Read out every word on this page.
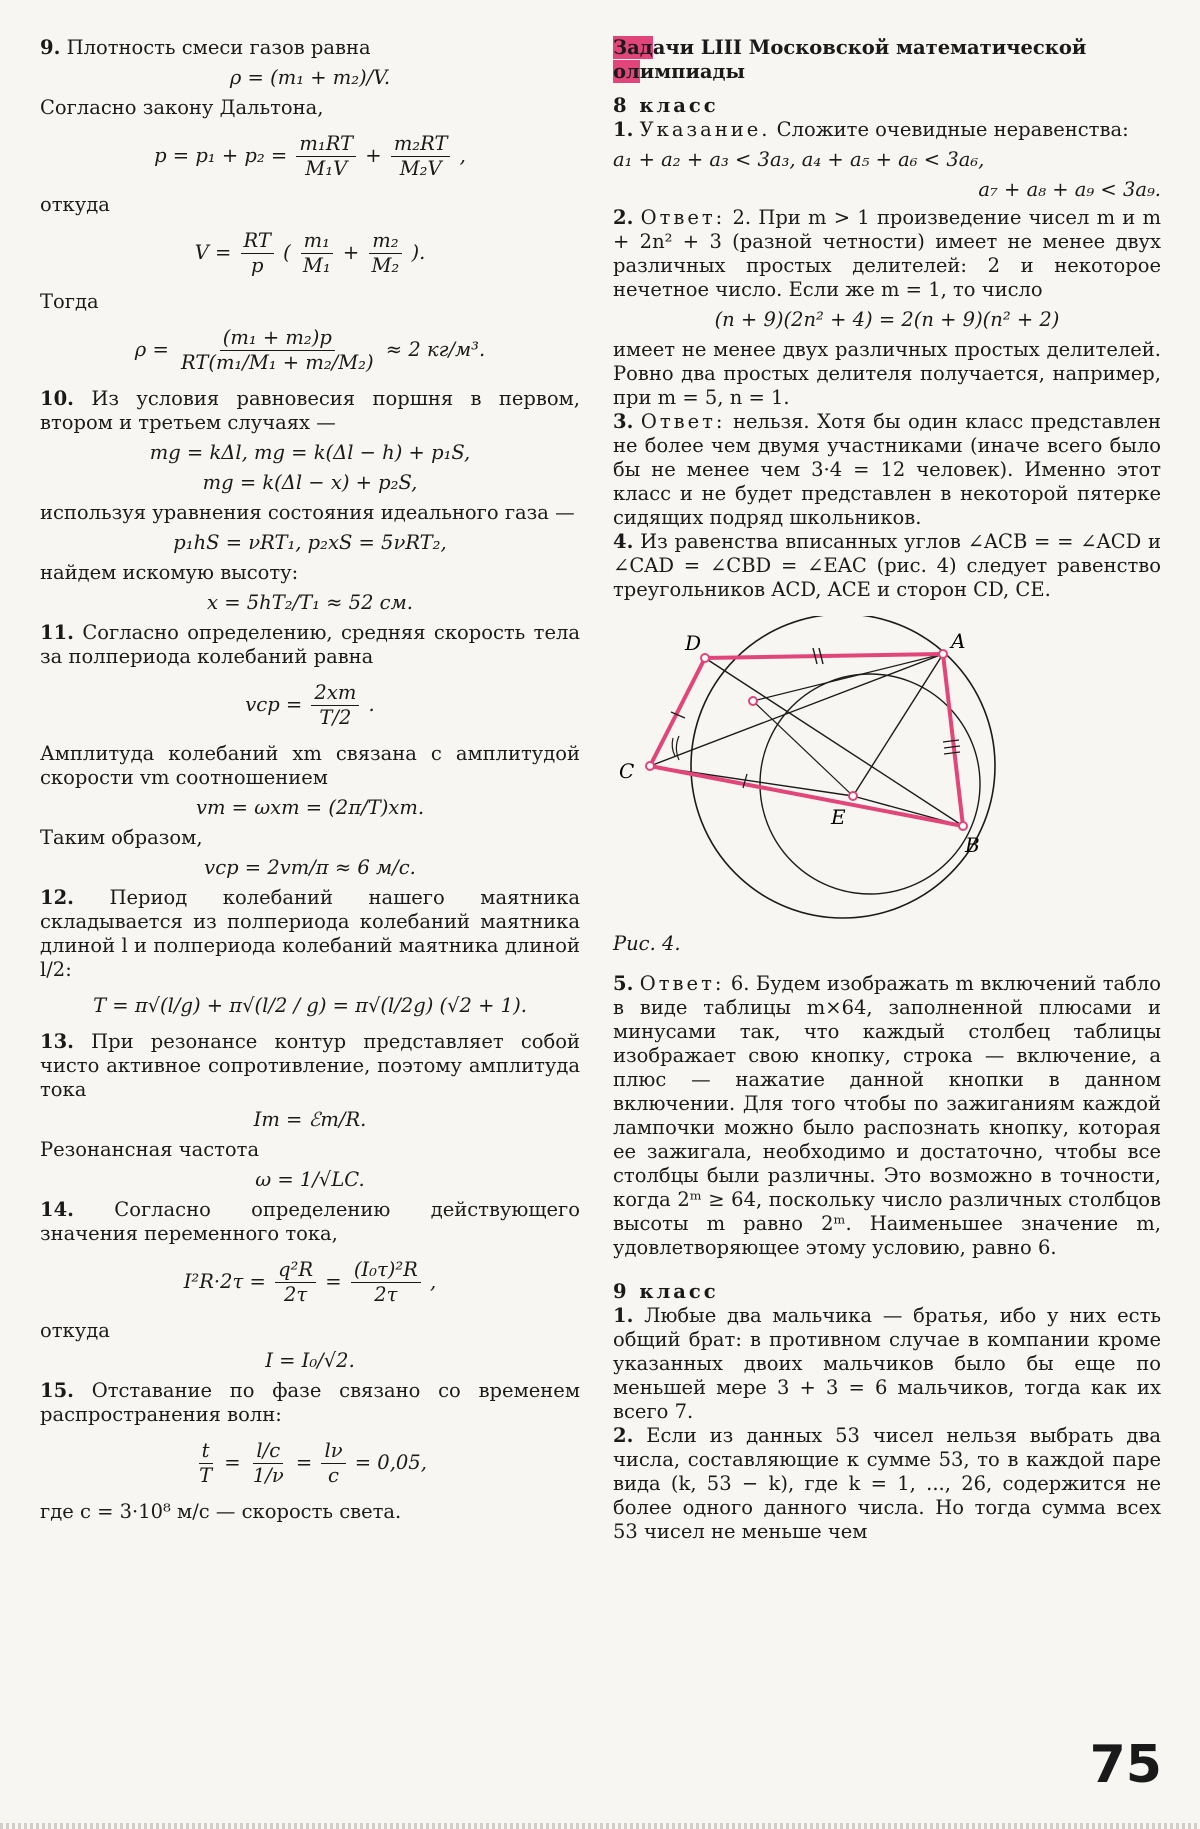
9. Плотность смеси газов равна

ρ = (m₁ + m₂)/V.

Согласно закону Дальтона,

$p = p_1 + p_2 = \frac{\text{m₁RT}}{\text{M₁V}} + \frac{\text{m₂RT}}{\text{M₂V}}$ ,

откуда

$V = \frac{RT}{p}$ ( $\frac{\text{m₁}}{\text{M₁}} + \frac{\text{m₂}}{\text{M₂}}$ ).

Тогда

$\rho = \frac{\text{(m₁ + m₂)p}}{\text{RT(m₁/M₁ + m₂/M₂)}} \approx 2$ кг/м³.

10. Из условия равновесия поршня в первом, втором и третьем случаях —

mg = kΔl, mg = k(Δl − h) + p₁S,
mg = k(Δl − x) + p₂S,

используя уравнения состояния идеального газа —

p₁hS = νRT₁, p₂xS = 5νRT₂,

найдем искомую высоту:

x = 5hT₂/T₁ ≈ 52 см.

11. Согласно определению, средняя скорость тела за полпериода колебаний равна

vср = $\frac{2xm}{T/2}$ .

Амплитуда колебаний xm связана с амплитудой скорости vm соотношением

vm = ωxm = (2π/T)xm.

Таким образом,

vср = 2vm/π ≈ 6 м/с.

12. Период колебаний нашего маятника складывается из полпериода колебаний маятника длиной l и полпериода колебаний маятника длиной l/2:

T = π√(l/g) + π√(l/2 / g) = π√(l/2g) (√2 + 1).

13. При резонансе контур представляет собой чисто активное сопротивление, поэтому амплитуда тока

Im = ℰm/R.

Резонансная частота

ω = 1/√LC.

14. Согласно определению действующего значения переменного тока,

$I^2R\cdot 2\tau = \frac{\text{q²R}}{2\tau} = \frac{\text{(I₀τ)²R}}{2\tau}$ ,

откуда

I = I₀/√2.

15. Отставание по фазе связано со временем распространения волн:

$\frac{t}{T} = \frac{l/c}{1/\nu} = \frac{l\nu}{c} = 0,05$,

где c = 3·10⁸ м/с — скорость света.

Задачи LIII Московской математической
олимпиады
8 класс

1. Указание. Сложите очевидные неравенства:

a₁ + a₂ + a₃ < 3a₃, a₄ + a₅ + a₆ < 3a₆,
a₇ + a₈ + a₉ < 3a₉.

2. Ответ: 2. При m > 1 произведение чисел m и m + 2n² + 3 (разной четности) имеет не менее двух различных простых делителей: 2 и некоторое нечетное число. Если же m = 1, то число

(n + 9)(2n² + 4) = 2(n + 9)(n² + 2)

имеет не менее двух различных простых делителей. Ровно два простых делителя получается, например, при m = 5, n = 1.

3. Ответ: нельзя. Хотя бы один класс представлен не более чем двумя участниками (иначе всего было бы не менее чем 3·4 = 12 человек). Именно этот класс и не будет представлен в некоторой пятерке сидящих подряд школьников.

4. Из равенства вписанных углов ∠ACB = = ∠ACD и ∠CAD = ∠CBD = ∠EAC (рис. 4) следует равенство треугольников ACD, ACE и сторон CD, CE.

D	A
B
C
E
Рис. 4.

5. Ответ: 6. Будем изображать m включений табло в виде таблицы m×64, заполненной плюсами и минусами так, что каждый столбец таблицы изображает свою кнопку, строка — включение, а плюс — нажатие данной кнопки в данном включении. Для того чтобы по зажиганиям каждой лампочки можно было распознать кнопку, которая ее зажигала, необходимо и достаточно, чтобы все столбцы были различны. Это возможно в точности, когда 2ᵐ ≥ 64, поскольку число различных столбцов высоты m равно 2ᵐ. Наименьшее значение m, удовлетворяющее этому условию, равно 6.

9 класс

1. Любые два мальчика — братья, ибо у них есть общий брат: в противном случае в компании кроме указанных двоих мальчиков было бы еще по меньшей мере 3 + 3 = 6 мальчиков, тогда как их всего 7.

2. Если из данных 53 чисел нельзя выбрать два числа, составляющие к сумме 53, то в каждой паре вида (k, 53 − k), где k = 1, ..., 26, содержится не более одного данного числа. Но тогда сумма всех 53 чисел не меньше чем

75
